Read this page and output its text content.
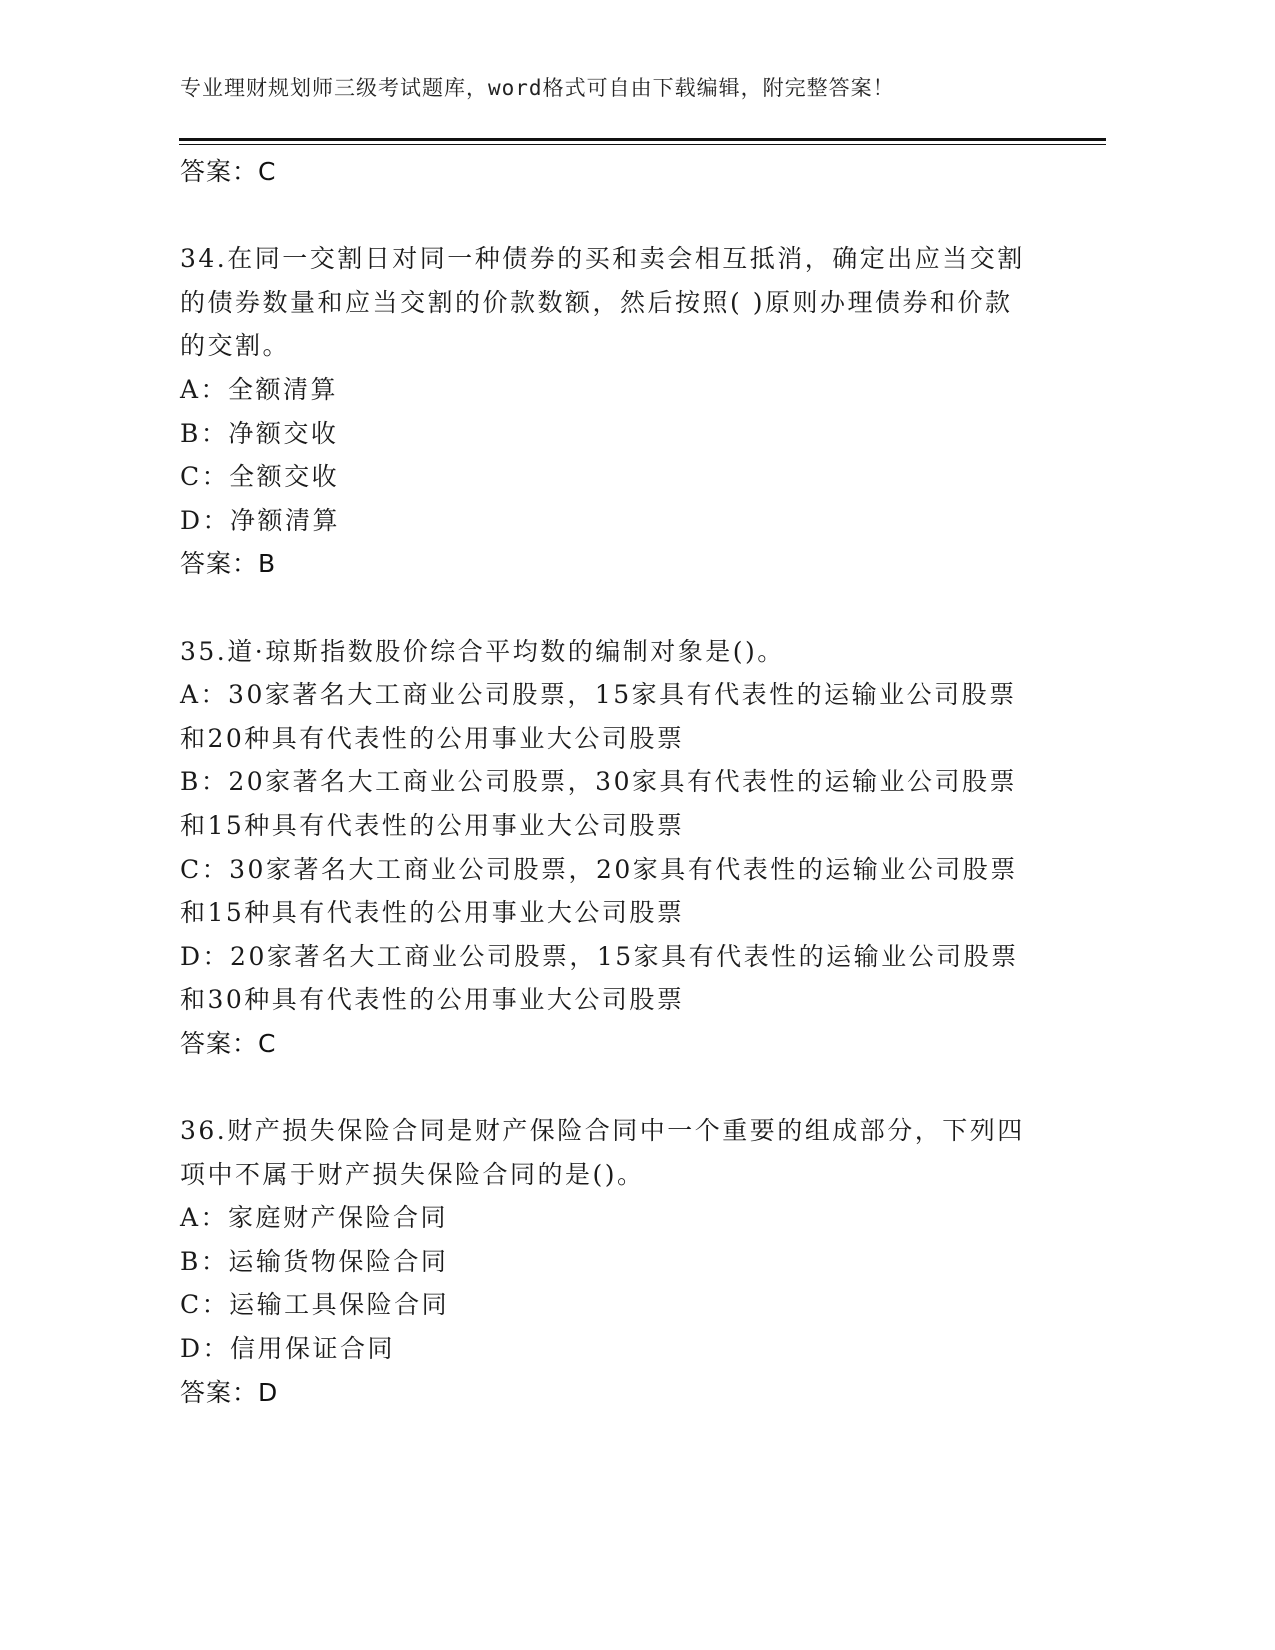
专业理财规划师三级考试题库，word格式可自由下载编辑，附完整答案！
答案：C
34.在同一交割日对同一种债券的买和卖会相互抵消，确定出应当交割
的债券数量和应当交割的价款数额，然后按照( )原则办理债券和价款
的交割。
A：全额清算
B：净额交收
C：全额交收
D：净额清算
答案：B
35.道·琼斯指数股价综合平均数的编制对象是()。
A：30家著名大工商业公司股票，15家具有代表性的运输业公司股票
和20种具有代表性的公用事业大公司股票
B：20家著名大工商业公司股票，30家具有代表性的运输业公司股票
和15种具有代表性的公用事业大公司股票
C：30家著名大工商业公司股票，20家具有代表性的运输业公司股票
和15种具有代表性的公用事业大公司股票
D：20家著名大工商业公司股票，15家具有代表性的运输业公司股票
和30种具有代表性的公用事业大公司股票
答案：C
36.财产损失保险合同是财产保险合同中一个重要的组成部分，下列四
项中不属于财产损失保险合同的是()。
A：家庭财产保险合同
B：运输货物保险合同
C：运输工具保险合同
D：信用保证合同
答案：D
